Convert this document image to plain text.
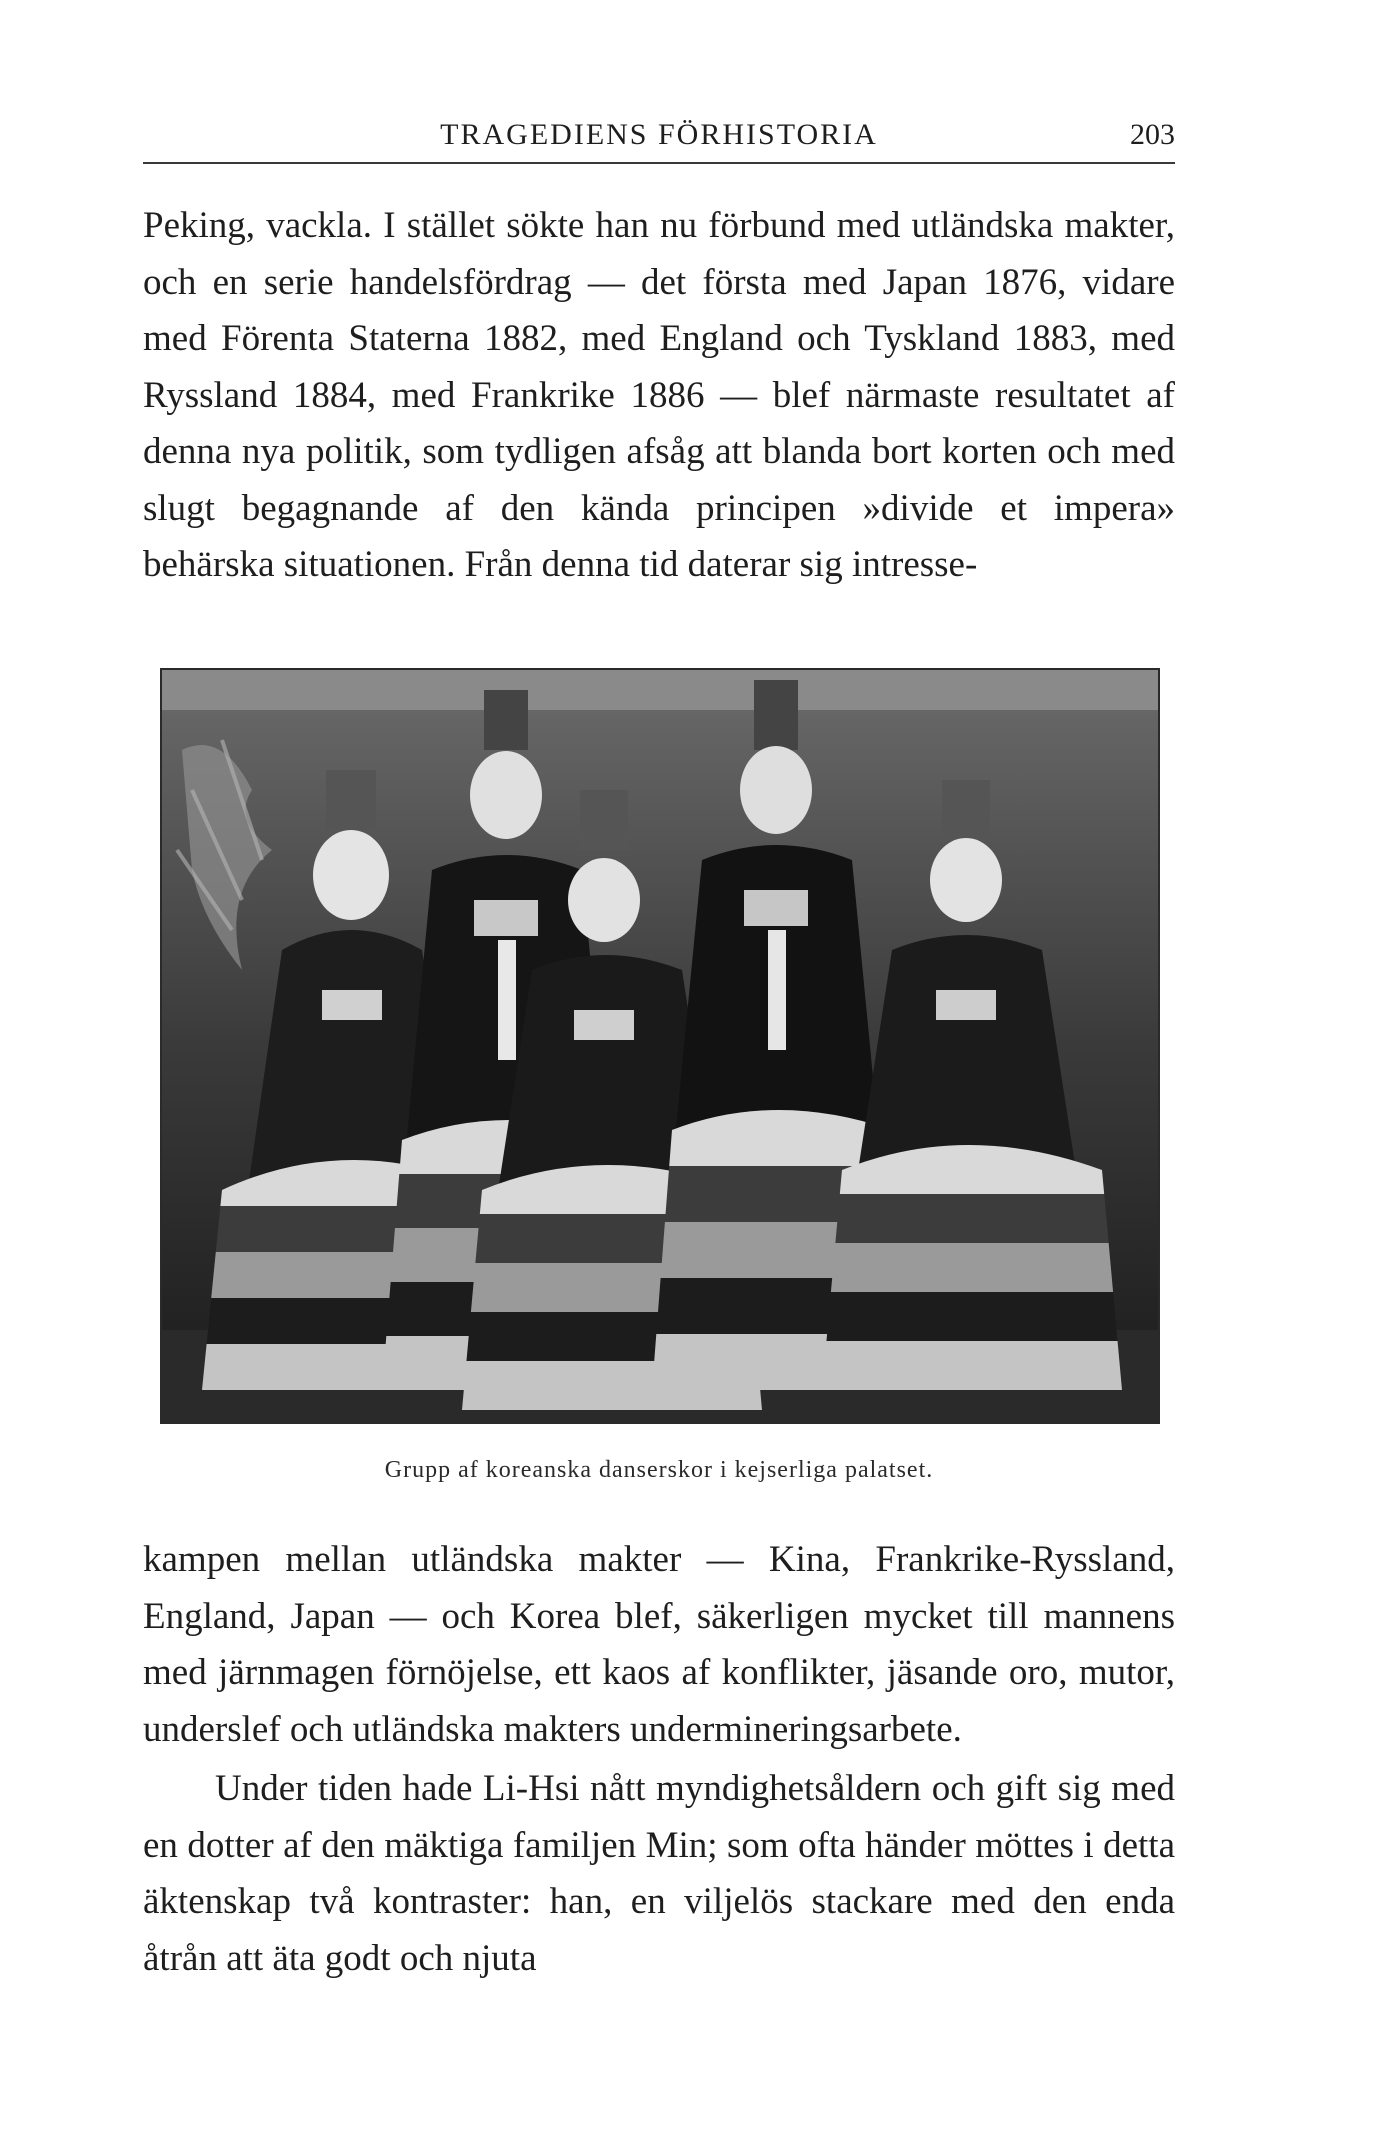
TRAGEDIENS FÖRHISTORIA	203

Peking, vackla. I stället sökte han nu förbund med utländska makter, och en serie handelsfördrag — det första med Japan 1876, vidare med Förenta Staterna 1882, med England och Tyskland 1883, med Ryssland 1884, med Frankrike 1886 — blef närmaste resultatet af denna nya politik, som tydligen afsåg att blanda bort korten och med slugt begagnande af den kända principen »divide et impera» behärska situationen. Från denna tid daterar sig intresse-

Grupp af koreanska danserskor i kejserliga palatset.

kampen mellan utländska makter — Kina, Frankrike-Ryssland, England, Japan — och Korea blef, säkerligen mycket till mannens med järnmagen förnöjelse, ett kaos af konflikter, jäsande oro, mutor, underslef och utländska makters undermineringsarbete.

Under tiden hade Li-Hsi nått myndighetsåldern och gift sig med en dotter af den mäktiga familjen Min; som ofta händer möttes i detta äktenskap två kontraster: han, en viljelös stackare med den enda åtrån att äta godt och njuta
